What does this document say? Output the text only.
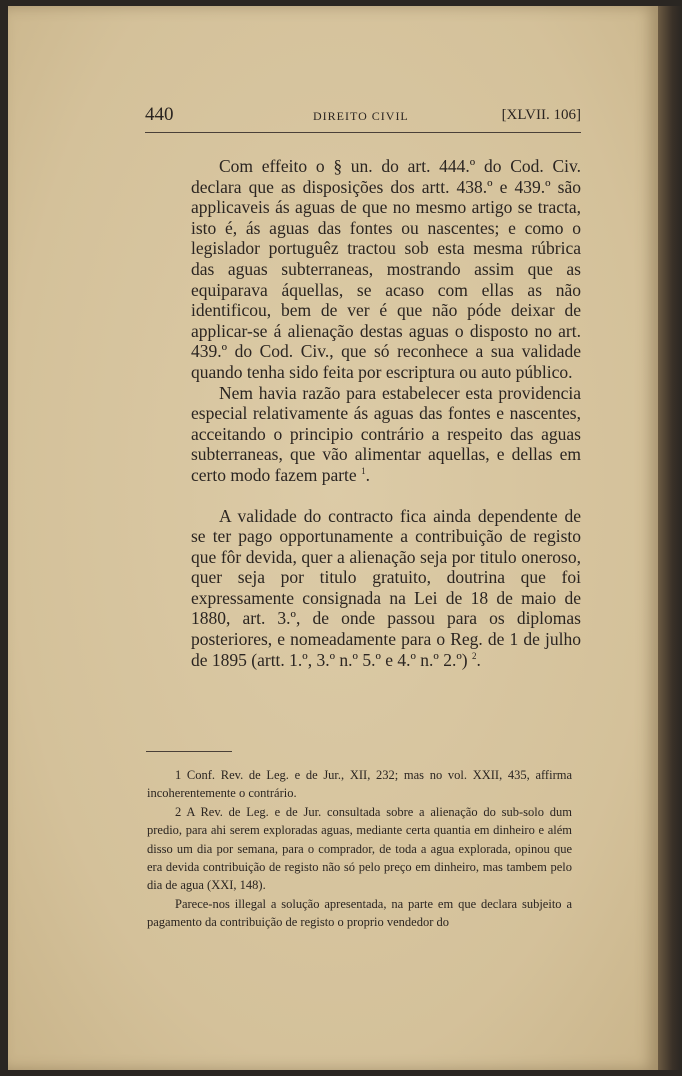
440	DIREITO CIVIL	[XLVII. 106]

Com effeito o § un. do art. 444.º do Cod. Civ. declara que as disposições dos artt. 438.º e 439.º são applicaveis ás aguas de que no mesmo artigo se tracta, isto é, ás aguas das fontes ou nascentes; e como o legislador portuguêz tractou sob esta mesma rúbrica das aguas subterraneas, mostrando assim que as equiparava áquellas, se acaso com ellas as não identificou, bem de ver é que não póde deixar de applicar-se á alienação destas aguas o disposto no art. 439.º do Cod. Civ., que só reconhece a sua validade quando tenha sido feita por escriptura ou auto público.

Nem havia razão para estabelecer esta providencia especial relativamente ás aguas das fontes e nascentes, acceitando o principio contrário a respeito das aguas subterraneas, que vão alimentar aquellas, e dellas em certo modo fazem parte $^1$.

A validade do contracto fica ainda dependente de se ter pago opportunamente a contribuição de registo que fôr devida, quer a alienação seja por titulo oneroso, quer seja por titulo gratuito, doutrina que foi expressamente consignada na Lei de 18 de maio de 1880, art. 3.º, de onde passou para os diplomas posteriores, e nomeadamente para o Reg. de 1 de julho de 1895 (artt. 1.º, 3.º n.º 5.º e 4.º n.º 2.º) $^2$.

1 Conf. Rev. de Leg. e de Jur., XII, 232; mas no vol. XXII, 435, affirma incoherentemente o contrário.

2 A Rev. de Leg. e de Jur. consultada sobre a alienação do sub-solo dum predio, para ahi serem exploradas aguas, mediante certa quantia em dinheiro e além disso um dia por semana, para o comprador, de toda a agua explorada, opinou que era devida contribuição de registo não só pelo preço em dinheiro, mas tambem pelo dia de agua (XXI, 148).

Parece-nos illegal a solução apresentada, na parte em que declara subjeito a pagamento da contribuição de registo o proprio vendedor do
